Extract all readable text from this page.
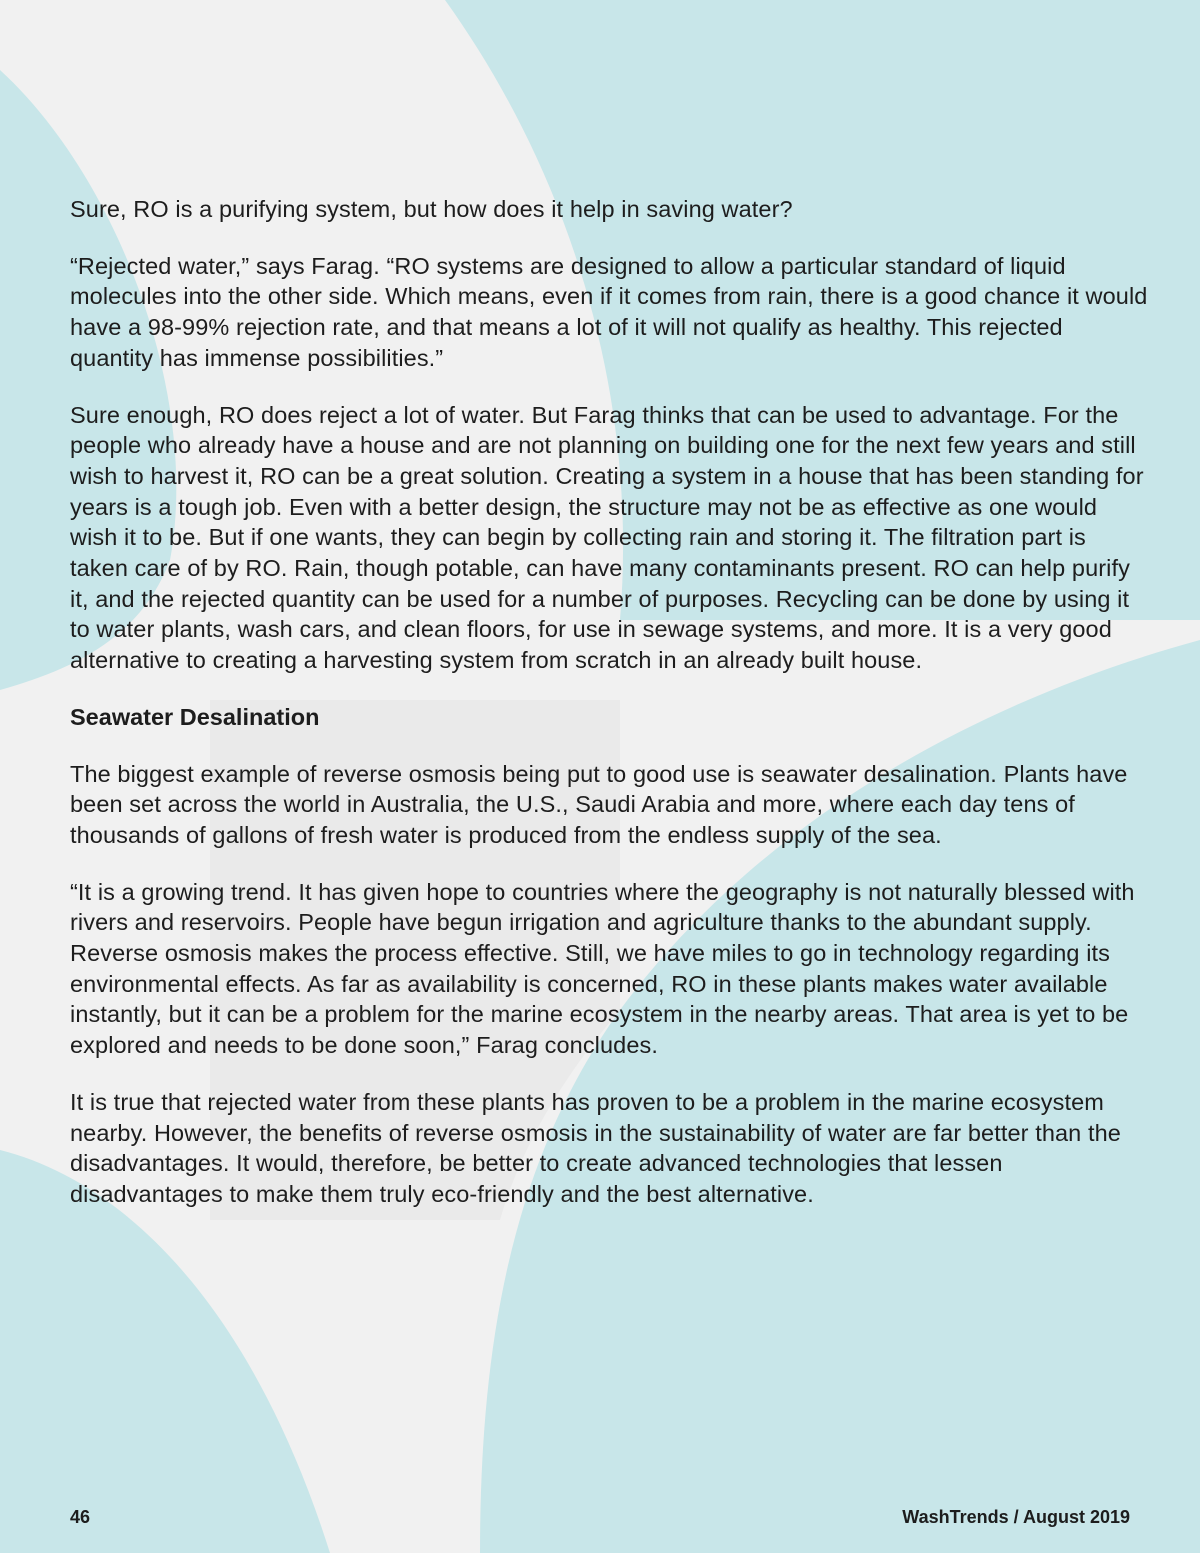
Sure, RO is a purifying system, but how does it help in saving water?

“Rejected water,” says Farag. “RO systems are designed to allow a particular standard of liquid molecules into the other side. Which means, even if it comes from rain, there is a good chance it would have a 98-99% rejection rate, and that means a lot of it will not qualify as healthy. This rejected quantity has immense possibilities.”

Sure enough, RO does reject a lot of water. But Farag thinks that can be used to advantage. For the people who already have a house and are not planning on building one for the next few years and still wish to harvest it, RO can be a great solution. Creating a system in a house that has been standing for years is a tough job. Even with a better design, the structure may not be as effective as one would wish it to be. But if one wants, they can begin by collecting rain and storing it. The filtration part is taken care of by RO. Rain, though potable, can have many contaminants present. RO can help purify it, and the rejected quantity can be used for a number of purposes. Recycling can be done by using it to water plants, wash cars, and clean floors, for use in sewage systems, and more. It is a very good alternative to creating a harvesting system from scratch in an already built house.

Seawater Desalination

The biggest example of reverse osmosis being put to good use is seawater desalination. Plants have been set across the world in Australia, the U.S., Saudi Arabia and more, where each day tens of thousands of gallons of fresh water is produced from the endless supply of the sea.

“It is a growing trend. It has given hope to countries where the geography is not naturally blessed with rivers and reservoirs. People have begun irrigation and agriculture thanks to the abundant supply. Reverse osmosis makes the process effective. Still, we have miles to go in technology regarding its environmental effects. As far as availability is concerned, RO in these plants makes water available instantly, but it can be a problem for the marine ecosystem in the nearby areas. That area is yet to be explored and needs to be done soon,” Farag concludes.

It is true that rejected water from these plants has proven to be a problem in the marine ecosystem nearby. However, the benefits of reverse osmosis in the sustainability of water are far better than the disadvantages. It would, therefore, be better to create advanced technologies that lessen disadvantages to make them truly eco-friendly and the best alternative.

46	WashTrends / August 2019
